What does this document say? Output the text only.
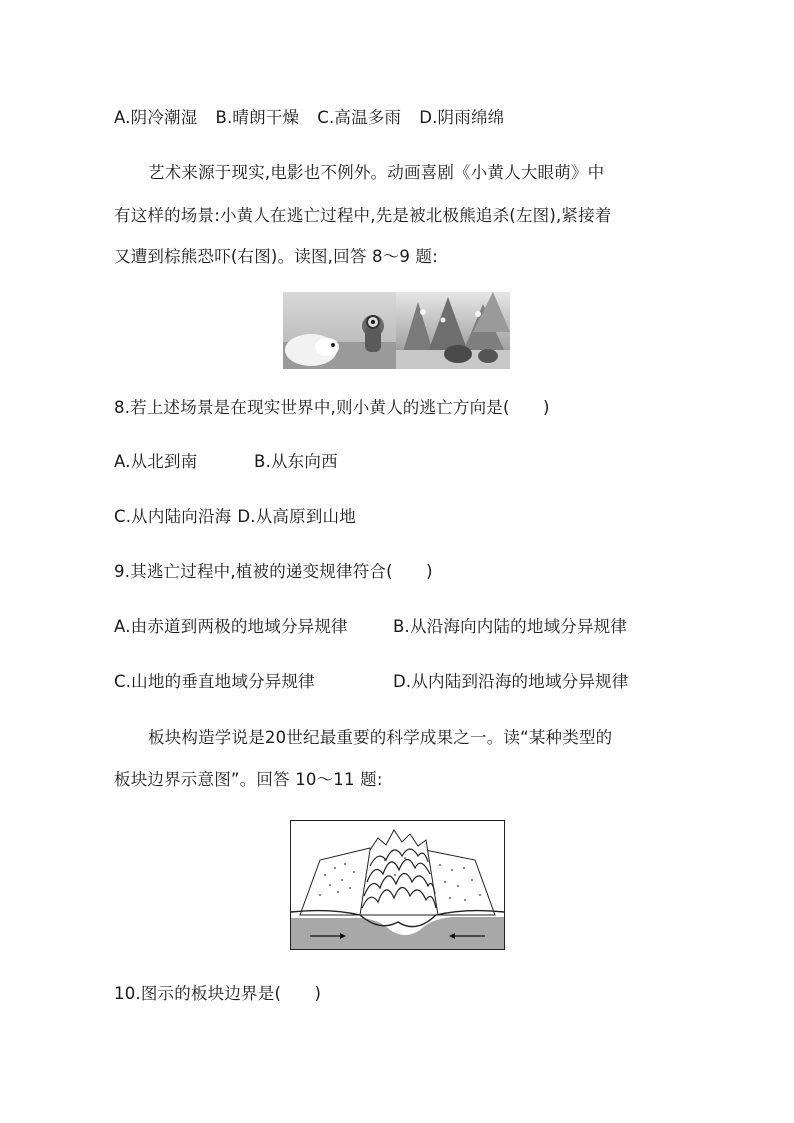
A.阴冷潮湿 B.晴朗干燥 C.高温多雨 D.阴雨绵绵
艺术来源于现实,电影也不例外。动画喜剧《小黄人大眼萌》中
有这样的场景:小黄人在逃亡过程中,先是被北极熊追杀(左图),紧接着
又遭到棕熊恐吓(右图)。读图,回答 8～9 题:
8.若上述场景是在现实世界中,则小黄人的逃亡方向是(　　)
A.从北到南	B.从东向西
C.从内陆向沿海 D.从高原到山地
9.其逃亡过程中,植被的递变规律符合(　　)
A.由赤道到两极的地域分异规律	B.从沿海向内陆的地域分异规律
C.山地的垂直地域分异规律	D.从内陆到沿海的地域分异规律
板块构造学说是20世纪最重要的科学成果之一。读“某种类型的
板块边界示意图”。回答 10～11 题:
10.图示的板块边界是(　　)
